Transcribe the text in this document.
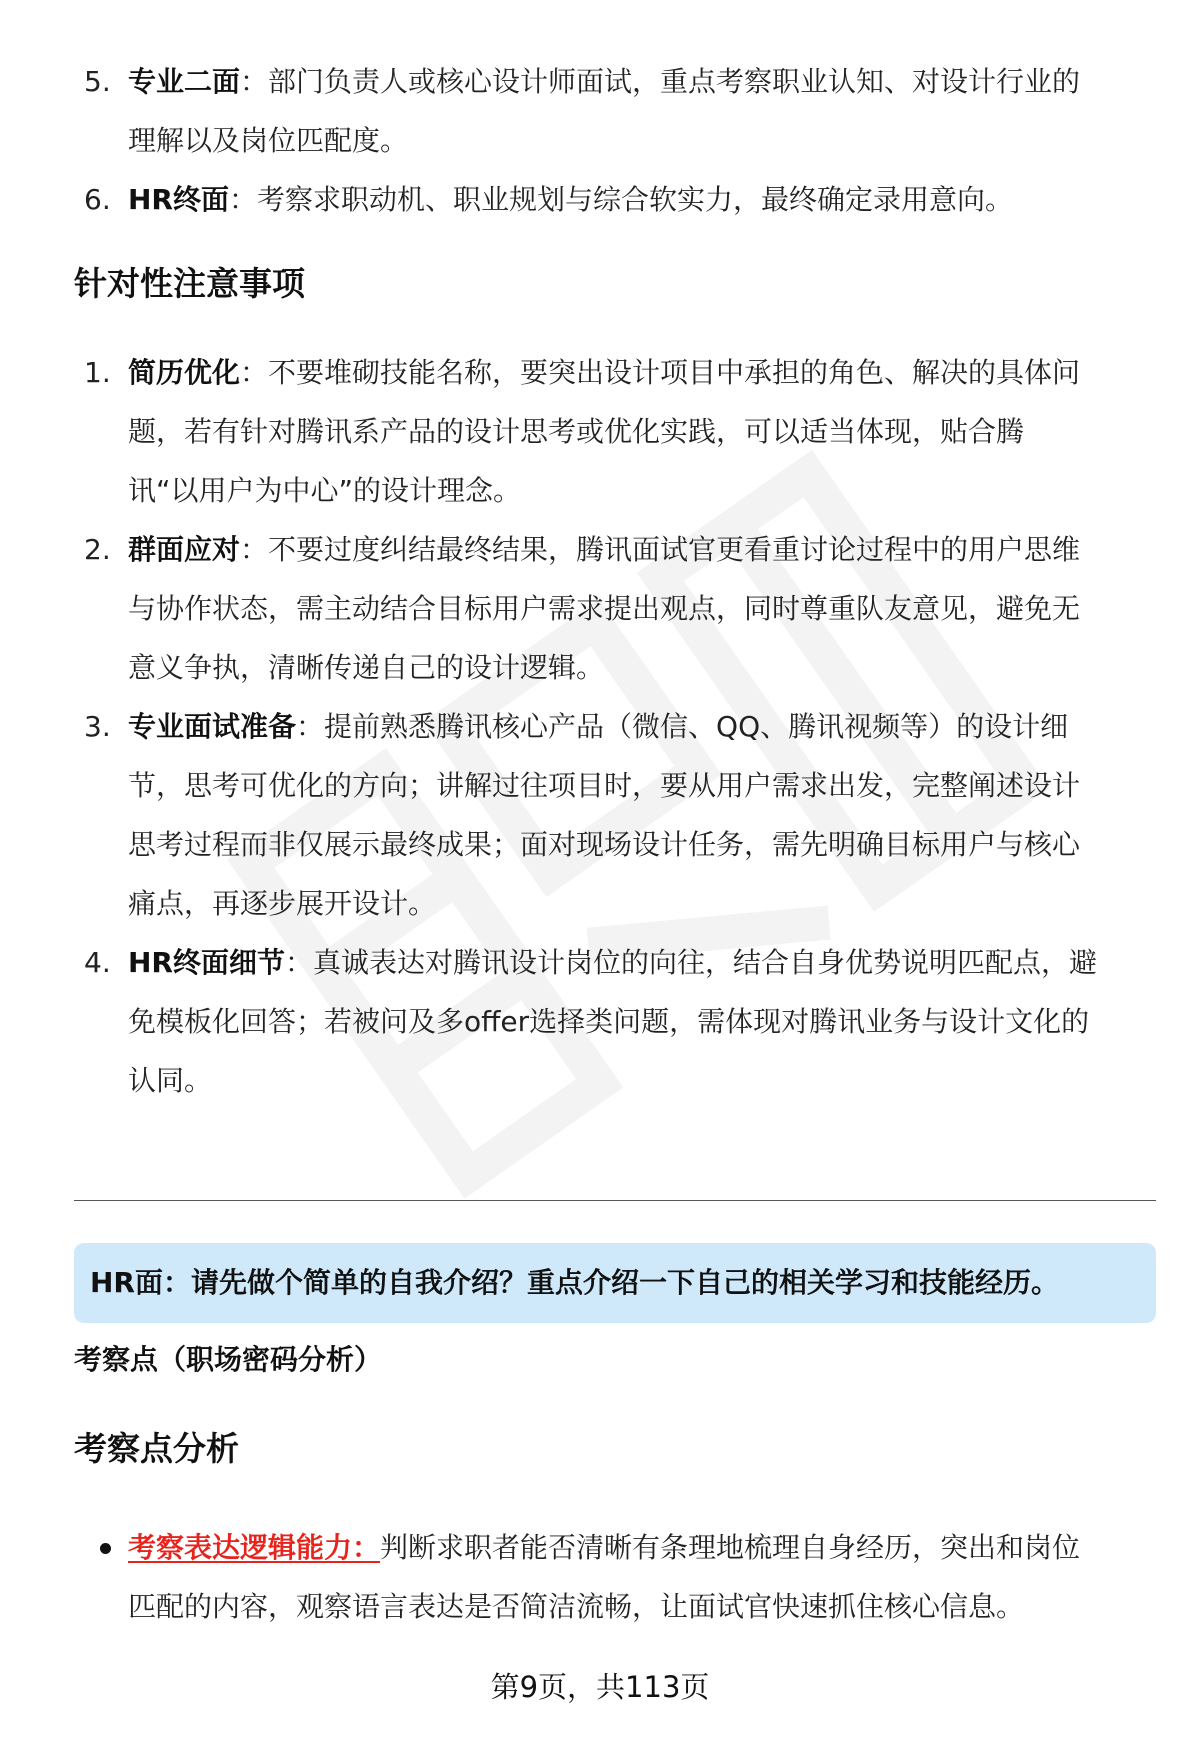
5. 专业二面：部门负责人或核心设计师面试，重点考察职业认知、对设计行业的
理解以及岗位匹配度。
6. HR终面：考察求职动机、职业规划与综合软实力，最终确定录用意向。
针对性注意事项
1. 简历优化：不要堆砌技能名称，要突出设计项目中承担的角色、解决的具体问
题，若有针对腾讯系产品的设计思考或优化实践，可以适当体现，贴合腾
讯“以用户为中心”的设计理念。
2. 群面应对：不要过度纠结最终结果，腾讯面试官更看重讨论过程中的用户思维
与协作状态，需主动结合目标用户需求提出观点，同时尊重队友意见，避免无
意义争执，清晰传递自己的设计逻辑。
3. 专业面试准备：提前熟悉腾讯核心产品（微信、QQ、腾讯视频等）的设计细
节，思考可优化的方向；讲解过往项目时，要从用户需求出发，完整阐述设计
思考过程而非仅展示最终成果；面对现场设计任务，需先明确目标用户与核心
痛点，再逐步展开设计。
4. HR终面细节：真诚表达对腾讯设计岗位的向往，结合自身优势说明匹配点，避
免模板化回答；若被问及多offer选择类问题，需体现对腾讯业务与设计文化的
认同。
HR面：请先做个简单的自我介绍？重点介绍一下自己的相关学习和技能经历。
考察点（职场密码分析）
考察点分析
考察表达逻辑能力：判断求职者能否清晰有条理地梳理自身经历，突出和岗位
匹配的内容，观察语言表达是否简洁流畅，让面试官快速抓住核心信息。
第9页，共113页
